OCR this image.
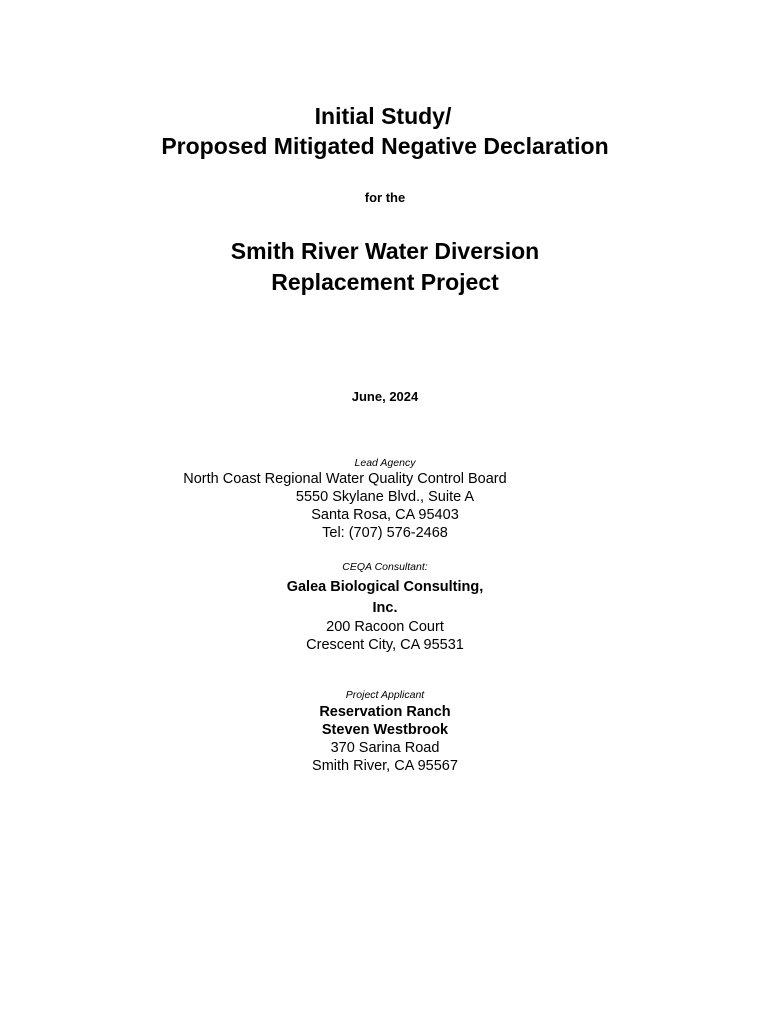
Initial Study/
Proposed Mitigated Negative Declaration
for the
Smith River Water Diversion
Replacement Project
June, 2024
Lead Agency
North Coast Regional Water Quality Control Board
5550 Skylane Blvd., Suite A
Santa Rosa, CA 95403
Tel: (707) 576-2468
CEQA Consultant:
Galea Biological Consulting,
Inc.
200 Racoon Court
Crescent City, CA 95531
Project Applicant
Reservation Ranch
Steven Westbrook
370 Sarina Road
Smith River, CA 95567
